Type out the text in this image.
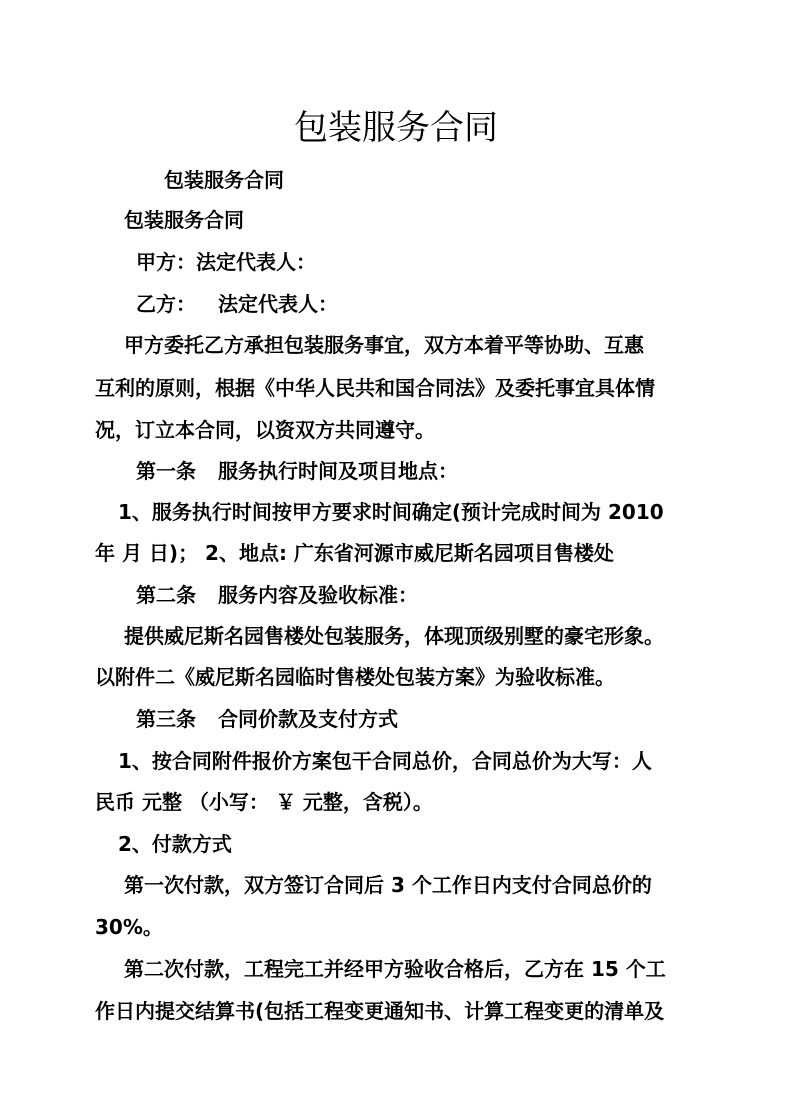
包装服务合同
包装服务合同
包装服务合同
甲方：法定代表人：
乙方： 法定代表人：
甲方委托乙方承担包装服务事宜，双方本着平等协助、互惠
互利的原则，根据《中华人民共和国合同法》及委托事宜具体情
况，订立本合同，以资双方共同遵守。
第一条 服务执行时间及项目地点：
1、服务执行时间按甲方要求时间确定(预计完成时间为 2010
年 月 日)； 2、地点: 广东省河源市威尼斯名园项目售楼处
第二条 服务内容及验收标准：
提供威尼斯名园售楼处包装服务，体现顶级别墅的豪宅形象。
以附件二《威尼斯名园临时售楼处包装方案》为验收标准。
第三条 合同价款及支付方式
1、按合同附件报价方案包干合同总价，合同总价为大写：人
民币 元整 （小写： ￥ 元整，含税）。
2、付款方式
第一次付款，双方签订合同后 3 个工作日内支付合同总价的
30%。
第二次付款，工程完工并经甲方验收合格后，乙方在 15 个工
作日内提交结算书(包括工程变更通知书、计算工程变更的清单及
